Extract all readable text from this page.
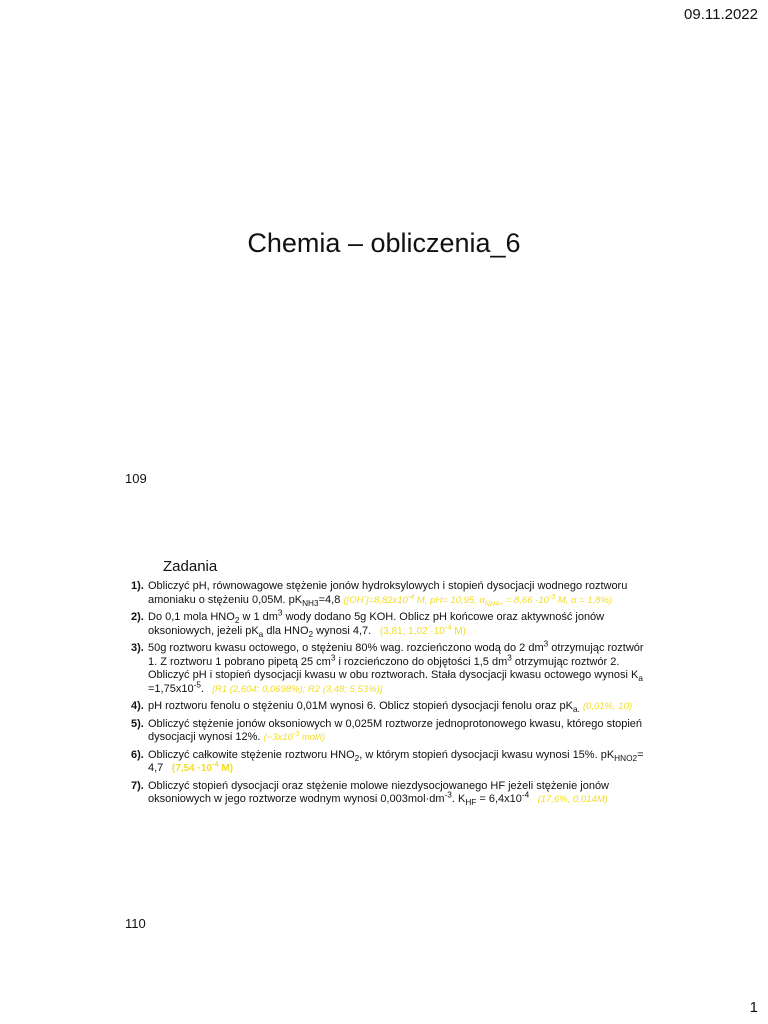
09.11.2022
Chemia – obliczenia_6
109
Zadania
1). Obliczyć pH, równowagowe stężenie jonów hydroksylowych i stopień dysocjacji wodnego roztworu amoniaku o stężeniu 0,05M. $pK_{NH3}=4,8$ ($[OH^-]=8,82x10^{-4}$ M, pH= 10,95, $\alpha_{NH4+} = 8,66 \cdot 10^{-3}$ M, α = 1,8%)
2). Do 0,1 mola $HNO_2$ w 1 $dm^3$ wody dodano 5g KOH. Oblicz pH końcowe oraz aktywność jonów oksoniowych, jeżeli $pK_a$ dla $HNO_2$ wynosi 4,7. (3,81; $1,02 \cdot 10^{-4}$ M)
3). 50g roztworu kwasu octowego, o stężeniu 80% wag. rozcieńczono wodą do 2 $dm^3$ otrzymując roztwór 1. Z roztworu 1 pobrano pipetą 25 $cm^3$ i rozcieńczono do objętości 1,5 $dm^3$ otrzymując roztwór 2. Obliczyć pH i stopień dysocjacji kwasu w obu roztworach. Stała dysocjacji kwasu octowego wynosi $K_a =1,75x10^{-5}$. [R1 (2,604; 0,0698%); R2 (3,48; 5,53%)]
4). pH roztworu fenolu o stężeniu 0,01M wynosi 6. Oblicz stopień dysocjacji fenolu oraz $pK_{a.}$ (0,01%, 10)
5). Obliczyć stężenie jonów oksoniowych w 0,025M roztworze jednoprotonowego kwasu, którego stopień dysocjacji wynosi 12%. ($\sim 3x10^{-3}$ mol/l)
6). Obliczyć całkowite stężenie roztworu $HNO_2$, w którym stopień dysocjacji kwasu wynosi 15%. $pK_{HNO2}= 4,7$ ($7,54 \cdot 10^{-4}$ M)
7). Obliczyć stopień dysocjacji oraz stężenie molowe niezdysocjowanego HF jeżeli stężenie jonów oksoniowych w jego roztworze wodnym wynosi $0,003mol\cdot dm^{-3}$. $K_{HF} = 6,4x10^{-4}$ (17,6%, 0,014M)
110
1
